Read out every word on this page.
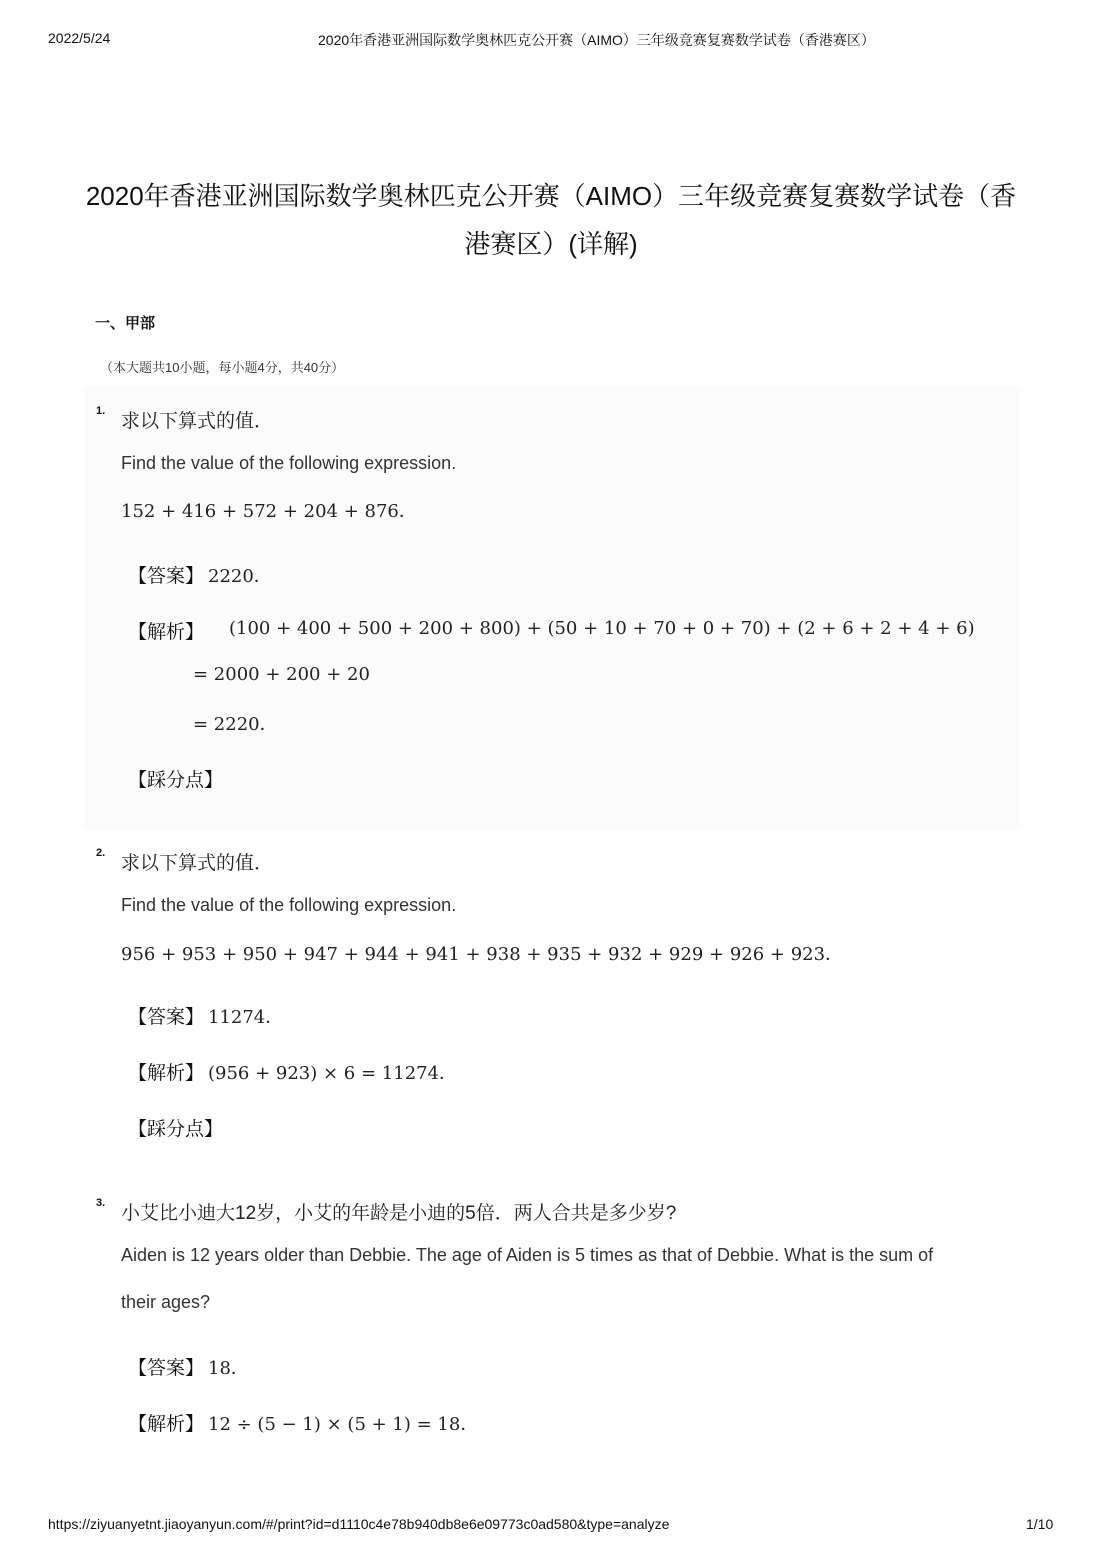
2022/5/24	2020年香港亚洲国际数学奥林匹克公开赛（AIMO）三年级竞赛复赛数学试卷（香港赛区）
2020年香港亚洲国际数学奥林匹克公开赛（AIMO）三年级竞赛复赛数学试卷（香
港赛区）(详解)
一、甲部
（本大题共10小题，每小题4分，共40分）
1. 求以下算式的值．
Find the value of the following expression.
152 + 416 + 572 + 204 + 876．
【答案】 2220．
【解析】 (100 + 400 + 500 + 200 + 800) + (50 + 10 + 70 + 0 + 70) + (2 + 6 + 2 + 4 + 6)
= 2000 + 200 + 20
= 2220．
【踩分点】
2. 求以下算式的值．
Find the value of the following expression.
956 + 953 + 950 + 947 + 944 + 941 + 938 + 935 + 932 + 929 + 926 + 923．
【答案】 11274．
【解析】 (956 + 923) × 6 = 11274．
【踩分点】
3. 小艾比小迪大12岁，小艾的年龄是小迪的5倍．两人合共是多少岁?
Aiden is 12 years older than Debbie. The age of Aiden is 5 times as that of Debbie. What is the sum of
their ages?
【答案】 18．
【解析】 12 ÷ (5 − 1) × (5 + 1) = 18．
https://ziyuanyetnt.jiaoyanyun.com/#/print?id=d1110c4e78b940db8e6e09773c0ad580&type=analyze	1/10
